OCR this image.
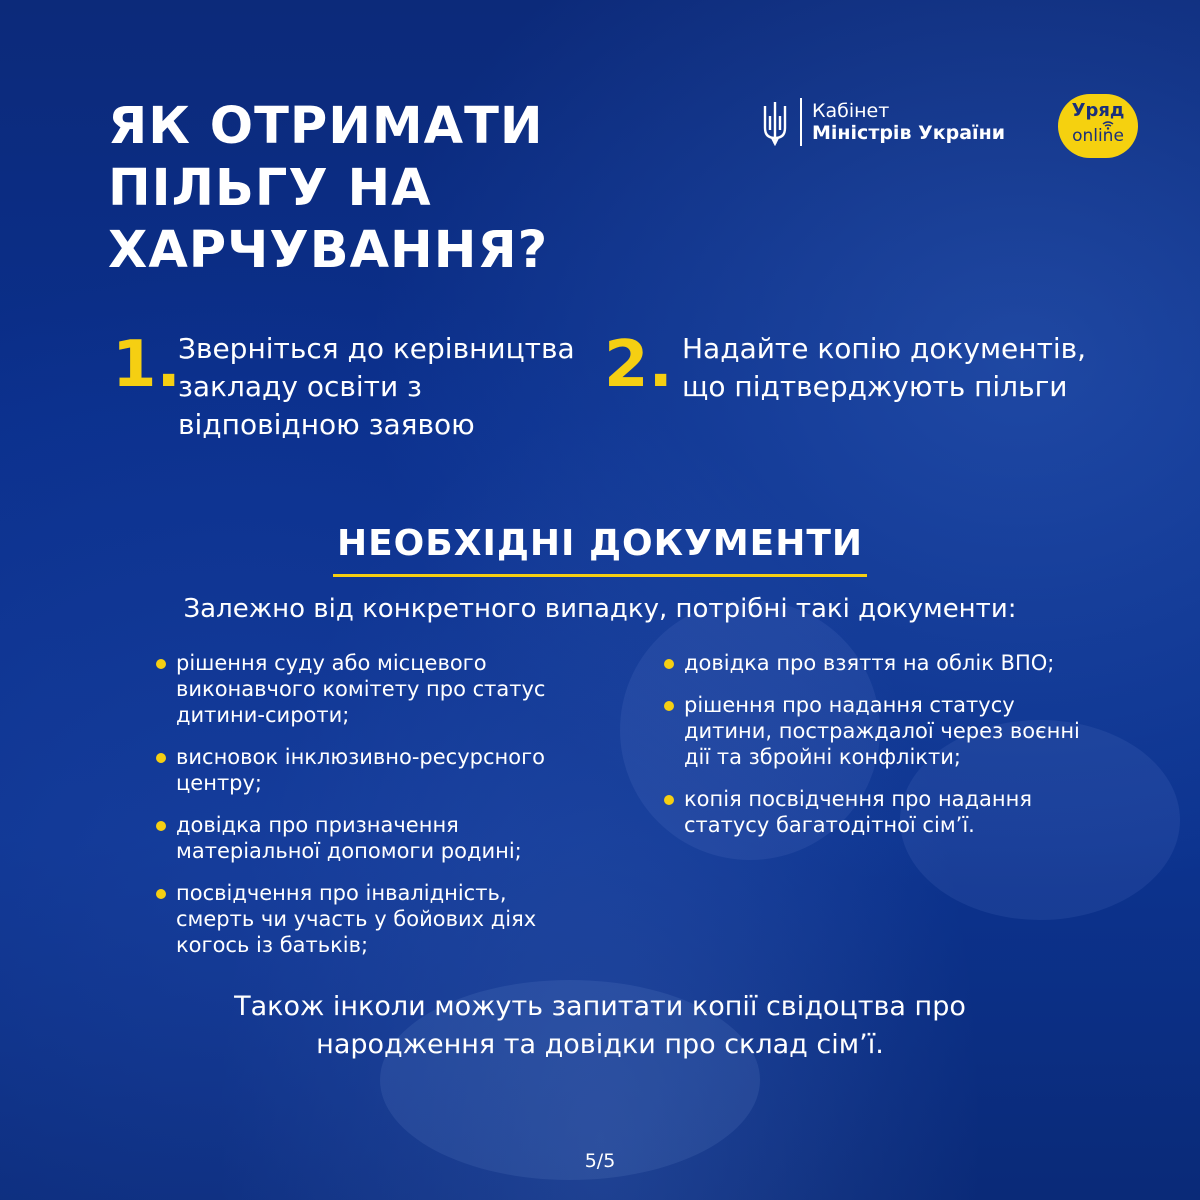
ЯК ОТРИМАТИ
ПІЛЬГУ НА
ХАРЧУВАННЯ?
Кабінет
Міністрів України
Уряд
online
1.
Зверніться до керівництва закладу освіти з відповідною заявою
2. Надайте копію документів, що підтверджують пільги
НЕОБХІДНІ ДОКУМЕНТИ
Залежно від конкретного випадку, потрібні такі документи:
рішення суду або місцевого виконавчого комітету про статус дитини-сироти;
висновок інклюзивно-ресурсного центру;
довідка про призначення матеріальної допомоги родині;
посвідчення про інвалідність, смерть чи участь у бойових діях когось із батьків;
довідка про взяття на облік ВПО;
рішення про надання статусу дитини, постраждалої через воєнні дії та збройні конфлікти;
копія посвідчення про надання статусу багатодітної сім’ї.
Також інколи можуть запитати копії свідоцтва про
народження та довідки про склад сім’ї.
5/5
